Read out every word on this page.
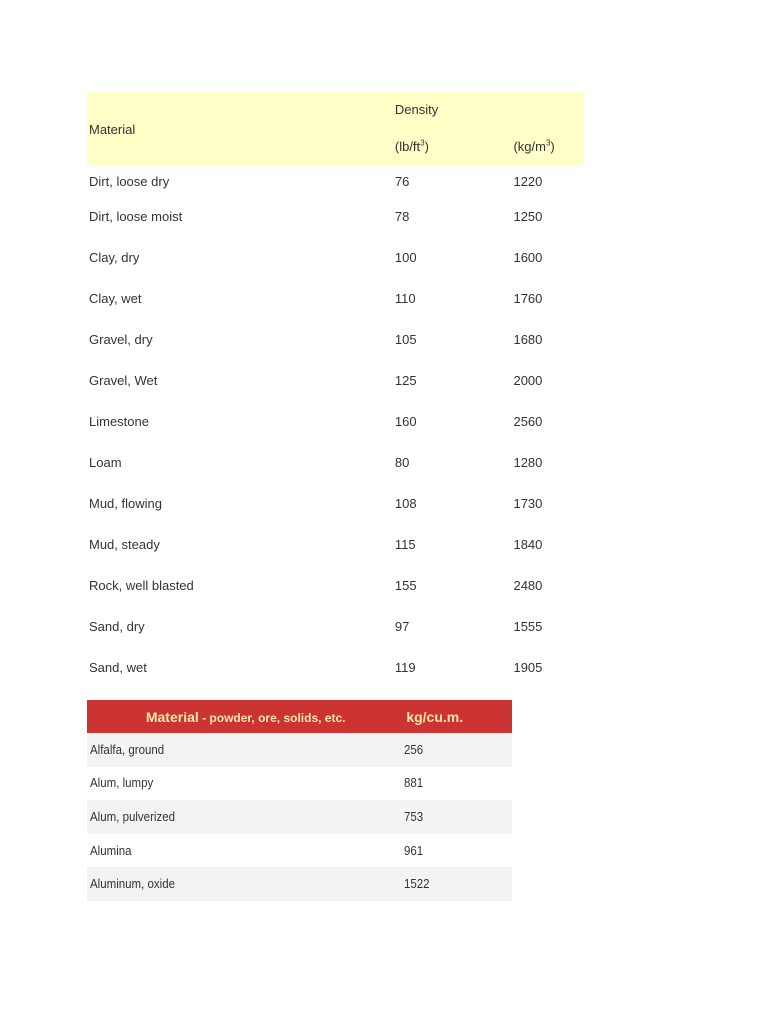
Material	Density	
	$(lb/ft^3)$	$(kg/m^3)$
Dirt, loose dry	76	1220
Dirt, loose moist	78	1250
Clay, dry	100	1600
Clay, wet	110	1760
Gravel, dry	105	1680
Gravel, Wet	125	2000
Limestone	160	2560
Loam	80	1280
Mud, flowing	108	1730
Mud, steady	115	1840
Rock, well blasted	155	2480
Sand, dry	97	1555
Sand, wet	119	1905
Material - powder, ore, solids, etc.	kg/cu.m.
Alfalfa, ground	256
Alum, lumpy	881
Alum, pulverized	753
Alumina	961
Aluminum, oxide	1522
